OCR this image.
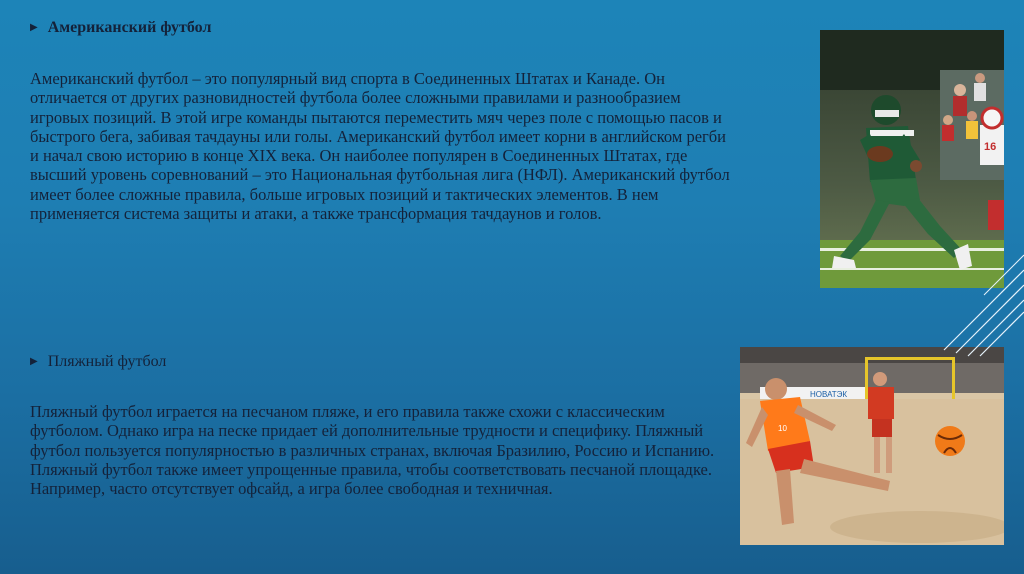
▶ Американский футбол

Американский футбол – это популярный вид спорта в Соединенных Штатах и Канаде. Он отличается от других разновидностей футбола более сложными правилами и разнообразием игровых позиций. В этой игре команды пытаются переместить мяч через поле с помощью пасов и быстрого бега, забивая тачдауны или голы. Американский футбол имеет корни в английском регби и начал свою историю в конце XIX века. Он наиболее популярен в Соединенных Штатах, где высший уровень соревнований – это Национальная футбольная лига (НФЛ). Американский футбол имеет более сложные правила, больше игровых позиций и тактических элементов. В нем применяется система защиты и атаки, а также трансформация тачдаунов и голов.

▶ Пляжный футбол

Пляжный футбол играется на песчаном пляже, и его правила также схожи с классическим футболом. Однако игра на песке придает ей дополнительные трудности и специфику. Пляжный футбол пользуется популярностью в различных странах, включая Бразилию, Россию и Испанию. Пляжный футбол также имеет упрощенные правила, чтобы соответствовать песчаной площадке. Например, часто отсутствует офсайд, а игра более свободная и техничная.

16
НОВАТЭК
10
